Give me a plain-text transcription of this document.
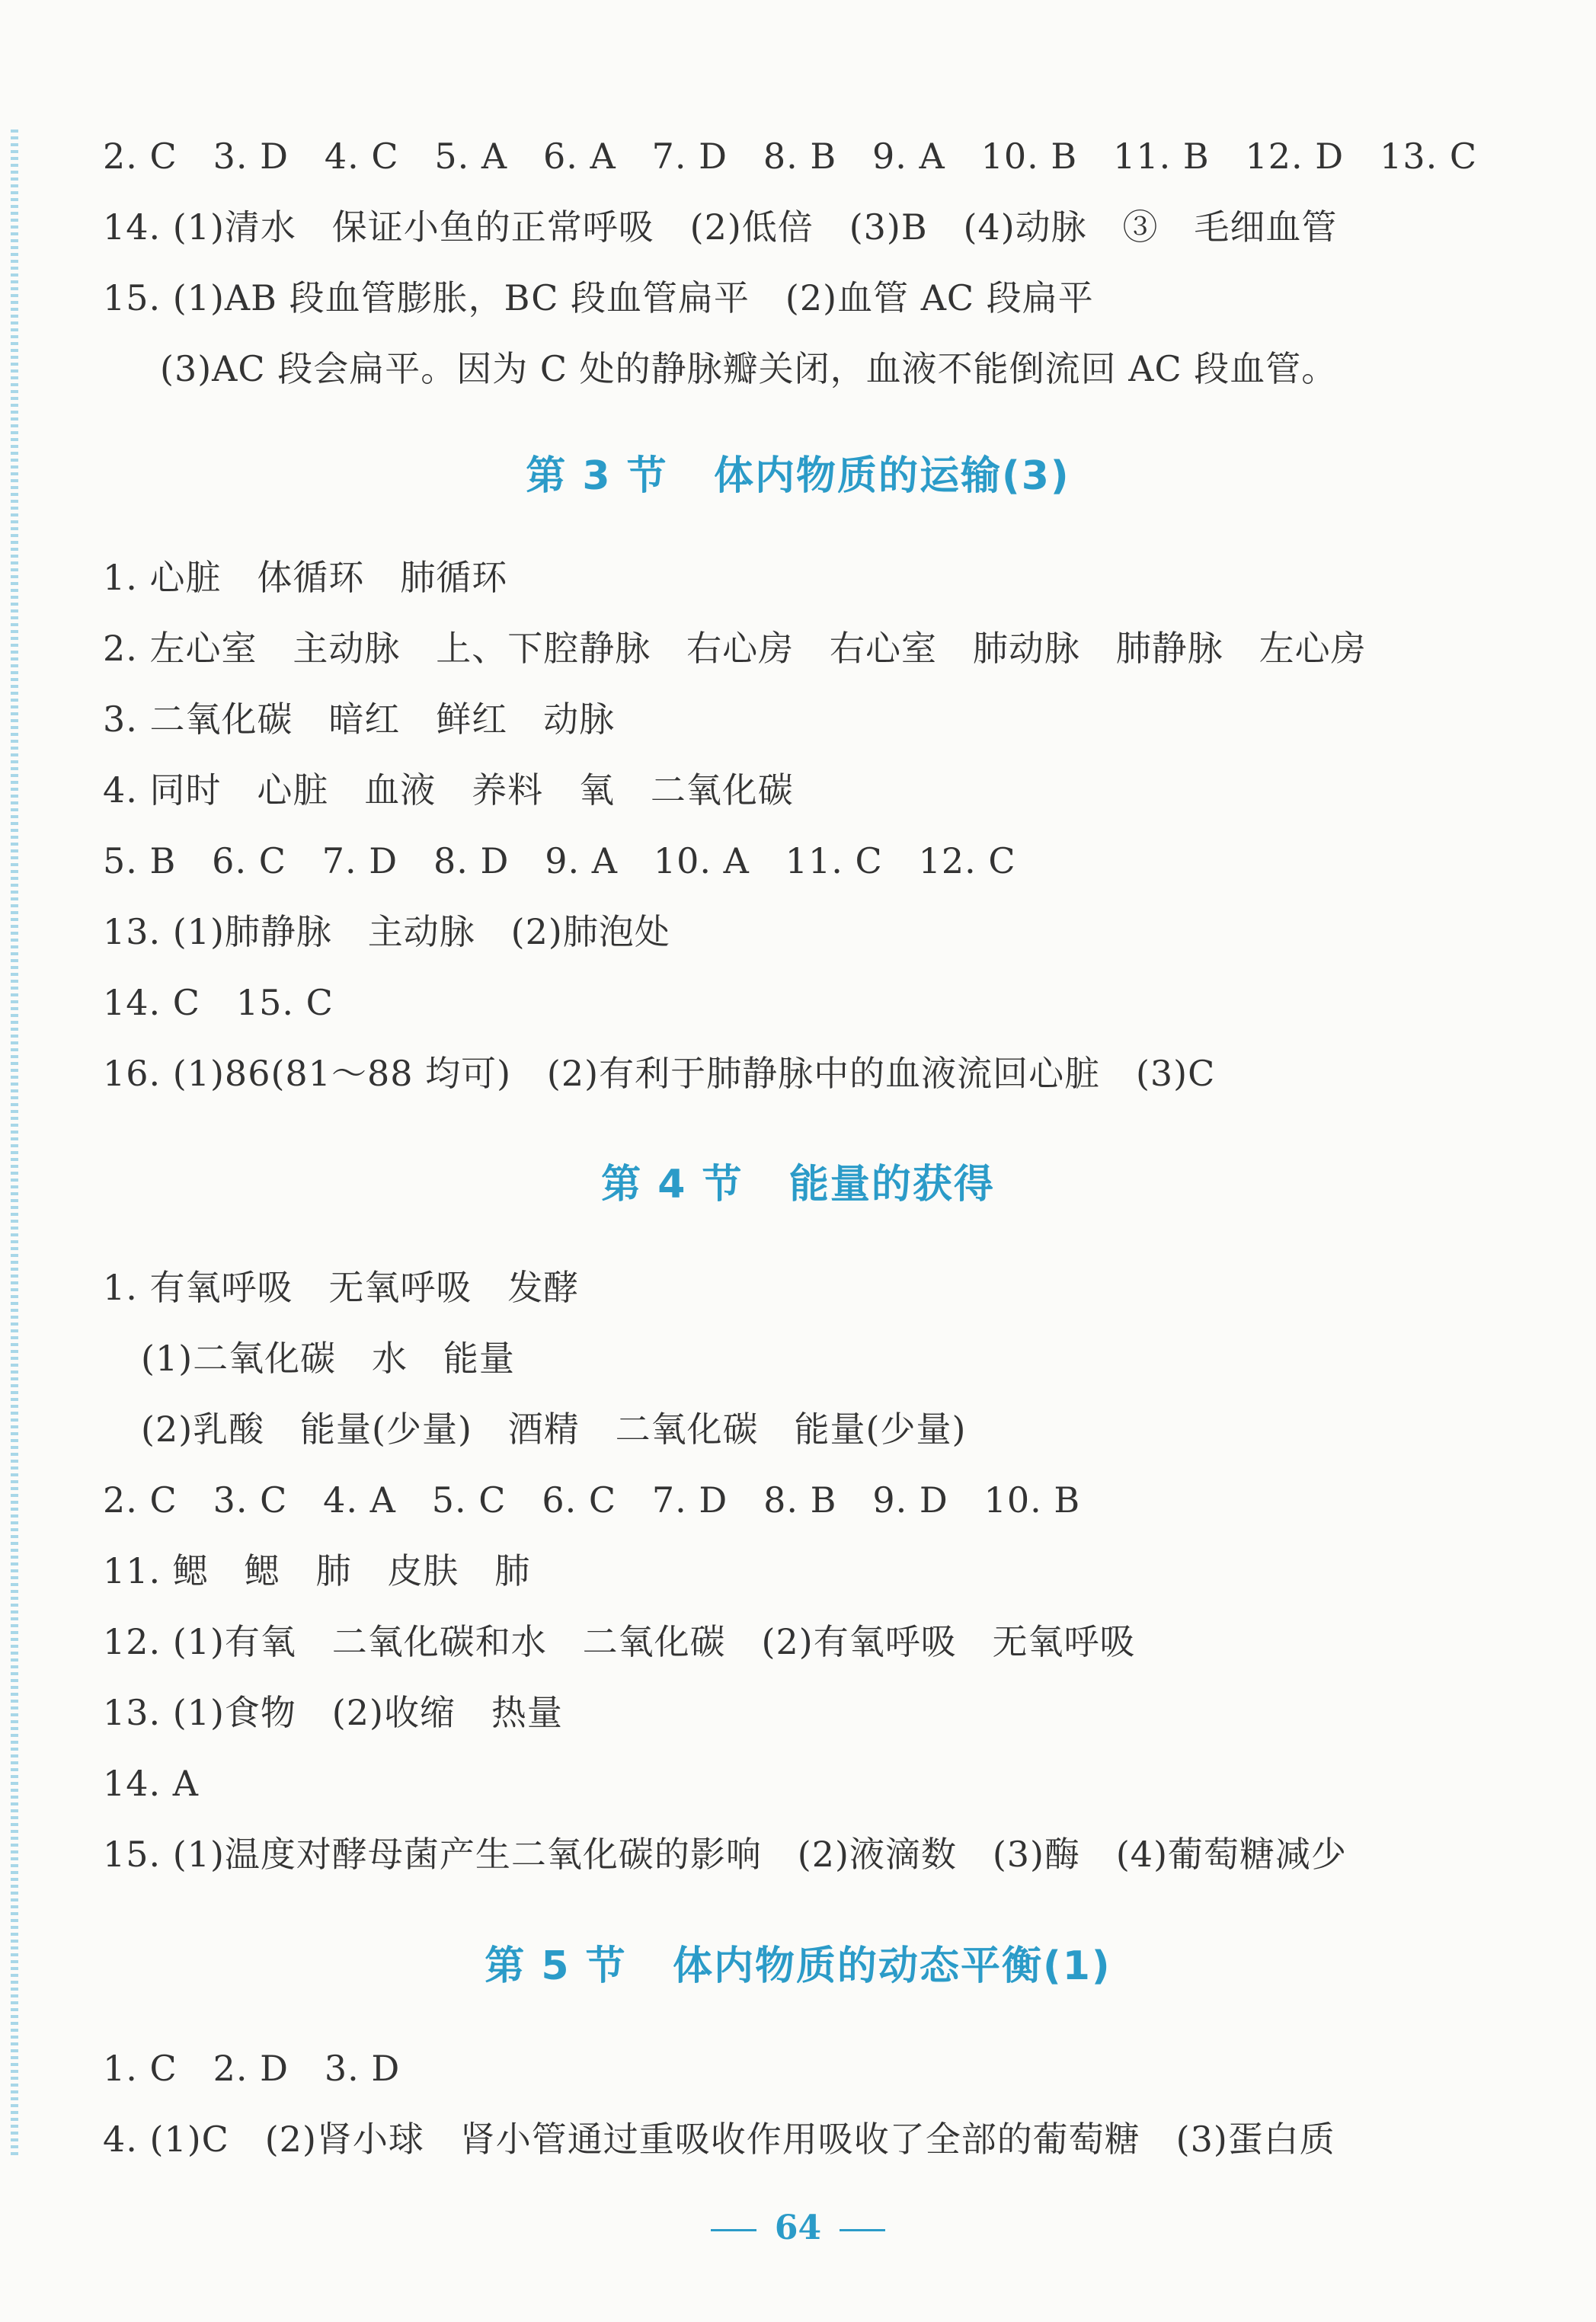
2. C   3. D   4. C   5. A   6. A   7. D   8. B   9. A   10. B   11. B   12. D   13. C
14. (1)清水   保证小鱼的正常呼吸   (2)低倍   (3)B   (4)动脉   ③   毛细血管
15. (1)AB 段血管膨胀，BC 段血管扁平   (2)血管 AC 段扁平
(3)AC 段会扁平。因为 C 处的静脉瓣关闭，血液不能倒流回 AC 段血管。
第 3 节   体内物质的运输(3)
1. 心脏   体循环   肺循环
2. 左心室   主动脉   上、下腔静脉   右心房   右心室   肺动脉   肺静脉   左心房
3. 二氧化碳   暗红   鲜红   动脉
4. 同时   心脏   血液   养料   氧   二氧化碳
5. B   6. C   7. D   8. D   9. A   10. A   11. C   12. C
13. (1)肺静脉   主动脉   (2)肺泡处
14. C   15. C
16. (1)86(81～88 均可)   (2)有利于肺静脉中的血液流回心脏   (3)C
第 4 节   能量的获得
1. 有氧呼吸   无氧呼吸   发酵
(1)二氧化碳   水   能量
(2)乳酸   能量(少量)   酒精   二氧化碳   能量(少量)
2. C   3. C   4. A   5. C   6. C   7. D   8. B   9. D   10. B
11. 鳃   鳃   肺   皮肤   肺
12. (1)有氧   二氧化碳和水   二氧化碳   (2)有氧呼吸   无氧呼吸
13. (1)食物   (2)收缩   热量
14. A
15. (1)温度对酵母菌产生二氧化碳的影响   (2)液滴数   (3)酶   (4)葡萄糖减少
第 5 节   体内物质的动态平衡(1)
1. C   2. D   3. D
4. (1)C   (2)肾小球   肾小管通过重吸收作用吸收了全部的葡萄糖   (3)蛋白质
64
